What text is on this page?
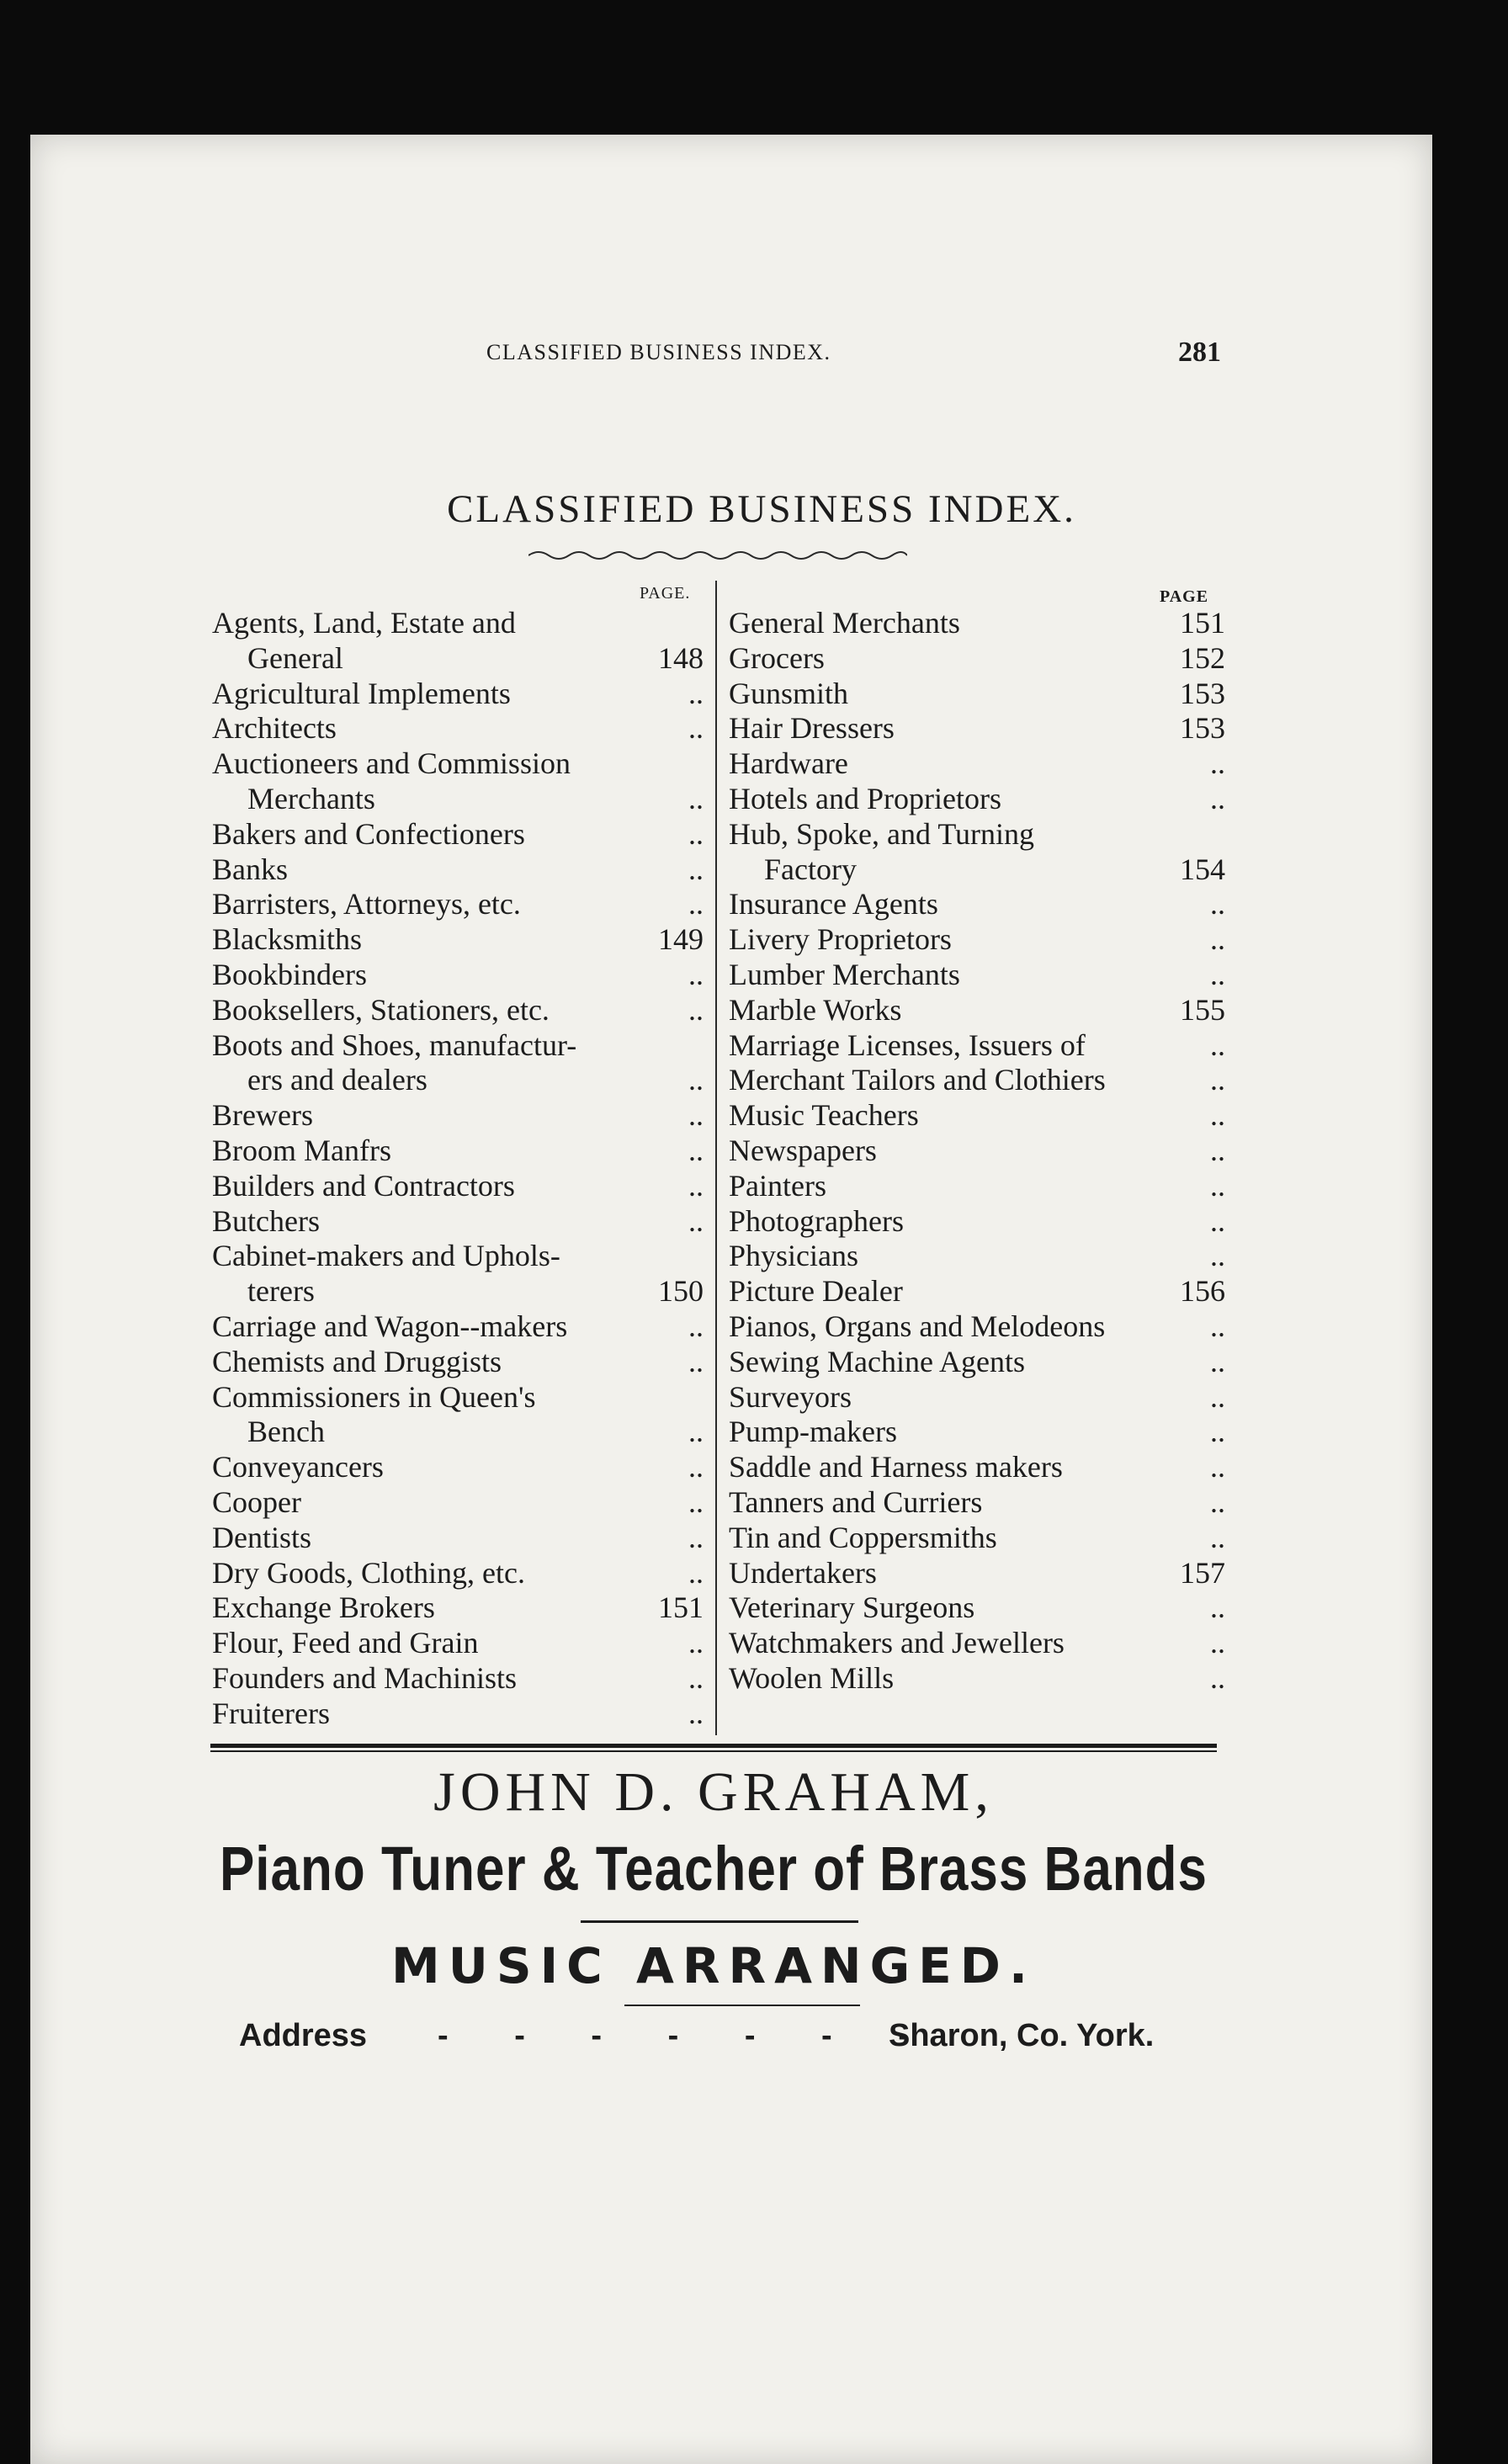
CLASSIFIED BUSINESS INDEX.	281
CLASSIFIED BUSINESS INDEX.
PAGE.	PAGE
Agents, Land, Estate and
General	148
Agricultural Implements	..
Architects	..
Auctioneers and Commission
Merchants	..
Bakers and Confectioners	..
Banks	..
Barristers, Attorneys, etc.	..
Blacksmiths	149
Bookbinders	..
Booksellers, Stationers, etc.	..
Boots and Shoes, manufactur-
ers and dealers	..
Brewers	..
Broom Manfrs	..
Builders and Contractors	..
Butchers	..
Cabinet-makers and Uphols-
terers	150
Carriage and Wagon--makers	..
Chemists and Druggists	..
Commissioners in Queen's
Bench	..
Conveyancers	..
Cooper	..
Dentists	..
Dry Goods, Clothing, etc.	..
Exchange Brokers	151
Flour, Feed and Grain	..
Founders and Machinists	..
Fruiterers	..
General Merchants	151
Grocers	152
Gunsmith	153
Hair Dressers	153
Hardware	..
Hotels and Proprietors	..
Hub, Spoke, and Turning
Factory	154
Insurance Agents	..
Livery Proprietors	..
Lumber Merchants	..
Marble Works	155
Marriage Licenses, Issuers of	..
Merchant Tailors and Clothiers	..
Music Teachers	..
Newspapers	..
Painters	..
Photographers	..
Physicians	..
Picture Dealer	156
Pianos, Organs and Melodeons	..
Sewing Machine Agents	..
Surveyors	..
Pump-makers	..
Saddle and Harness makers	..
Tanners and Curriers	..
Tin and Coppersmiths	..
Undertakers	157
Veterinary Surgeons	..
Watchmakers and Jewellers	..
Woolen Mills	..
JOHN D. GRAHAM,
Piano Tuner & Teacher of Brass Bands
MUSIC ARRANGED.
Address - - - - - - -
Sharon, Co. York.
